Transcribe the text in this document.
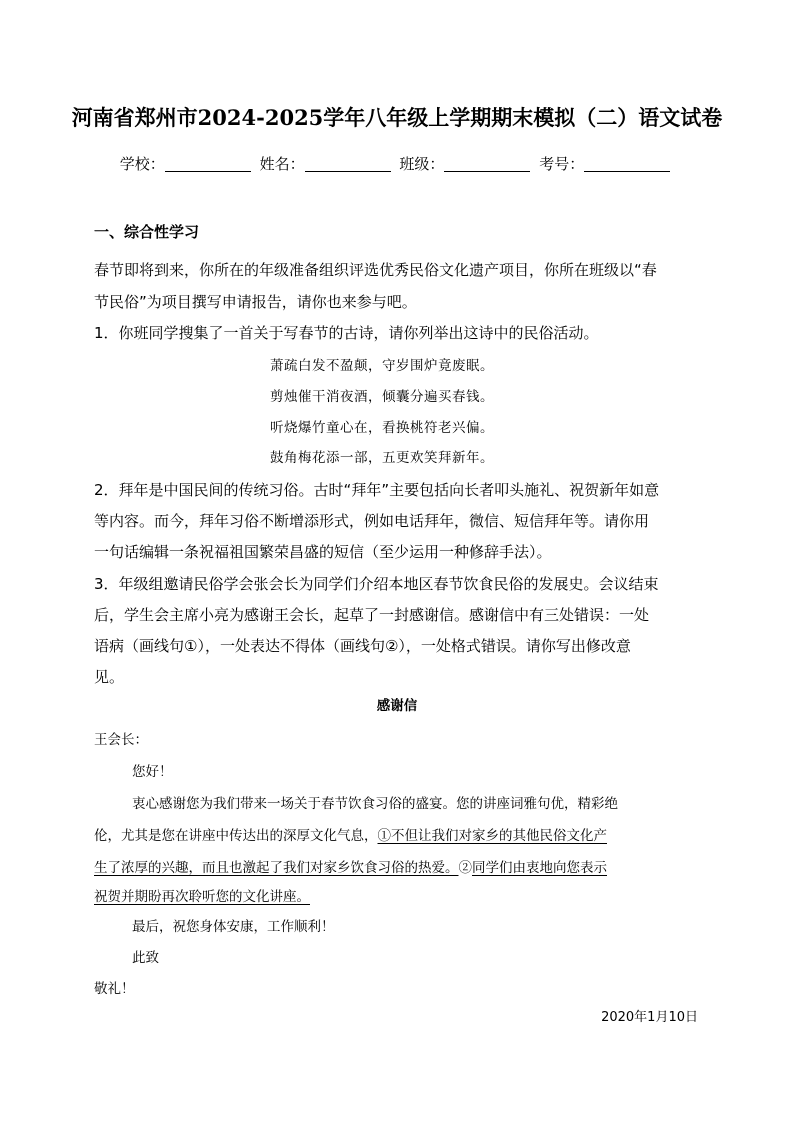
河南省郑州市2024-2025学年八年级上学期期末模拟（二）语文试卷
学校：	姓名：	班级：	考号：
一、综合性学习
春节即将到来，你所在的年级准备组织评选优秀民俗文化遗产项目，你所在班级以“春
节民俗”为项目撰写申请报告，请你也来参与吧。
1．你班同学搜集了一首关于写春节的古诗，请你列举出这诗中的民俗活动。
萧疏白发不盈颠，守岁围炉竟废眠。
剪烛催干消夜酒，倾囊分遍买春钱。
听烧爆竹童心在，看换桃符老兴偏。
鼓角梅花添一部，五更欢笑拜新年。
2．拜年是中国民间的传统习俗。古时“拜年”主要包括向长者叩头施礼、祝贺新年如意
等内容。而今，拜年习俗不断增添形式，例如电话拜年，微信、短信拜年等。请你用
一句话编辑一条祝福祖国繁荣昌盛的短信（至少运用一种修辞手法）。
3．年级组邀请民俗学会张会长为同学们介绍本地区春节饮食民俗的发展史。会议结束
后，学生会主席小亮为感谢王会长，起草了一封感谢信。感谢信中有三处错误：一处
语病（画线句①），一处表达不得体（画线句②），一处格式错误。请你写出修改意
见。
感谢信
王会长：
您好！
衷心感谢您为我们带来一场关于春节饮食习俗的盛宴。您的讲座词雅句优，精彩绝
伦，尤其是您在讲座中传达出的深厚文化气息，①不但让我们对家乡的其他民俗文化产
生了浓厚的兴趣，而且也激起了我们对家乡饮食习俗的热爱。②同学们由衷地向您表示
祝贺并期盼再次聆听您的文化讲座。
最后，祝您身体安康，工作顺利！
此致
敬礼！
2020年1月10日
